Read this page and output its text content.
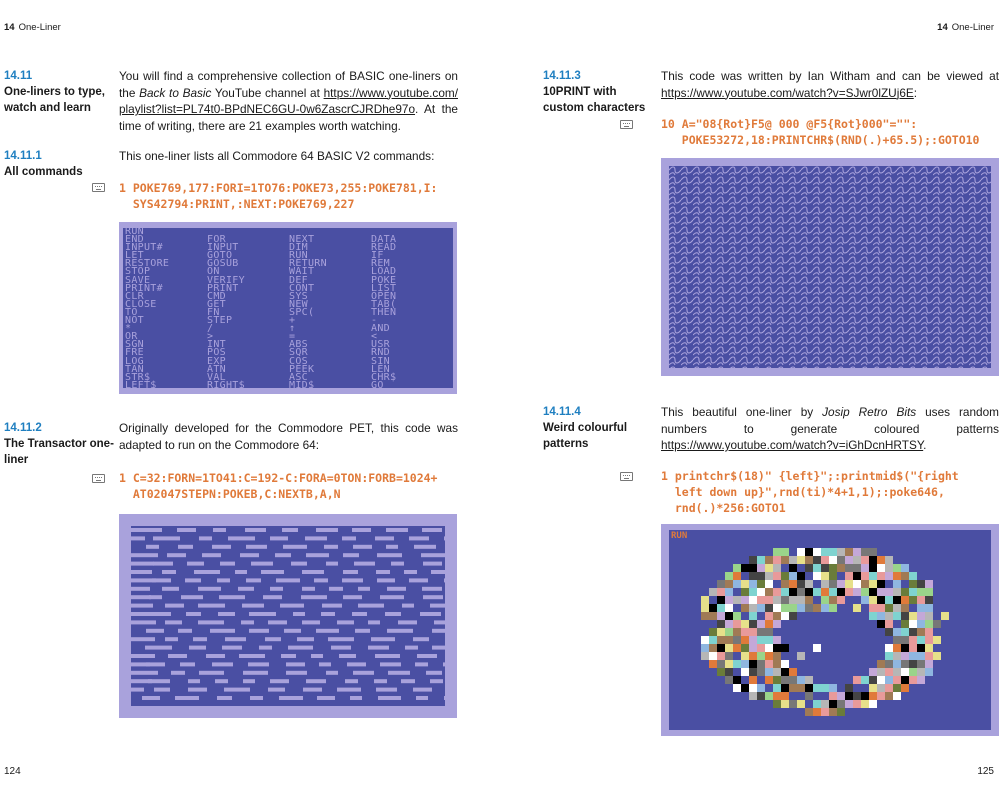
14 One-Liner	14 One-Liner
14.11
One-liners to type, watch and learn
You will find a comprehensive collection of BASIC one-liners on the Back to Basic YouTube channel at https://www.youtube.com/playlist?list=PL74t0-BPdNEC6GU-0w6ZascrCJRDhe97o. At the time of writing, there are 21 examples worth watching.
14.11.1
All commands
This one-liner lists all Commodore 64 BASIC V2 commands:
1 POKE769,177:FORI=1TO76:POKE73,255:POKE781,I:
SYS42794:PRINT,:NEXT:POKE769,227
RUN
END
INPUT#
LET
RESTORE
STOP
SAVE
PRINT#
CLR
CLOSE
TO
NOT
*
OR
SGN
FRE
LOG
TAN
STR$
LEFT$

FOR
INPUT
GOTO
GOSUB
ON
VERIFY
PRINT
CMD
GET
FN
STEP
/
>
INT
POS
EXP
ATN
VAL
RIGHT$

NEXT
DIM
RUN
RETURN
WAIT
DEF
CONT
SYS
NEW
SPC(
+
↑
=
ABS
SQR
COS
PEEK
ASC
MID$

DATA
READ
IF
REM
LOAD
POKE
LIST
OPEN
TAB(
THEN
-
AND
<
USR
RND
SIN
LEN
CHR$
GO
14.11.2
The Transactor one-liner
Originally developed for the Commodore PET, this code was adapted to run on the Commodore 64:
1 C=32:FORN=1TO41:C=192-C:FORA=0TON:FORB=1024+
AT02047STEPN:POKEB,C:NEXTB,A,N
14.11.3
10PRINT with custom characters
This code was written by Ian Witham and can be viewed at https://www.youtube.com/watch?v=SJwr0lZUj6E:
10 A="08{Rot}F5@ 000 @F5{Rot}000"="":
POKE53272,18:PRINTCHR$(RND(.)+65.5);:GOTO10
14.11.4
Weird colourful patterns
This beautiful one-liner by Josip Retro Bits uses random numbers to generate coloured patterns https://www.youtube.com/watch?v=iGhDcnHRTSY.
1 printchr$(18)" {left}";:printmid$("{right
left down up}",rnd(ti)*4+1,1);:poke646,
rnd(.)*256:GOTO1
RUN
124	125
